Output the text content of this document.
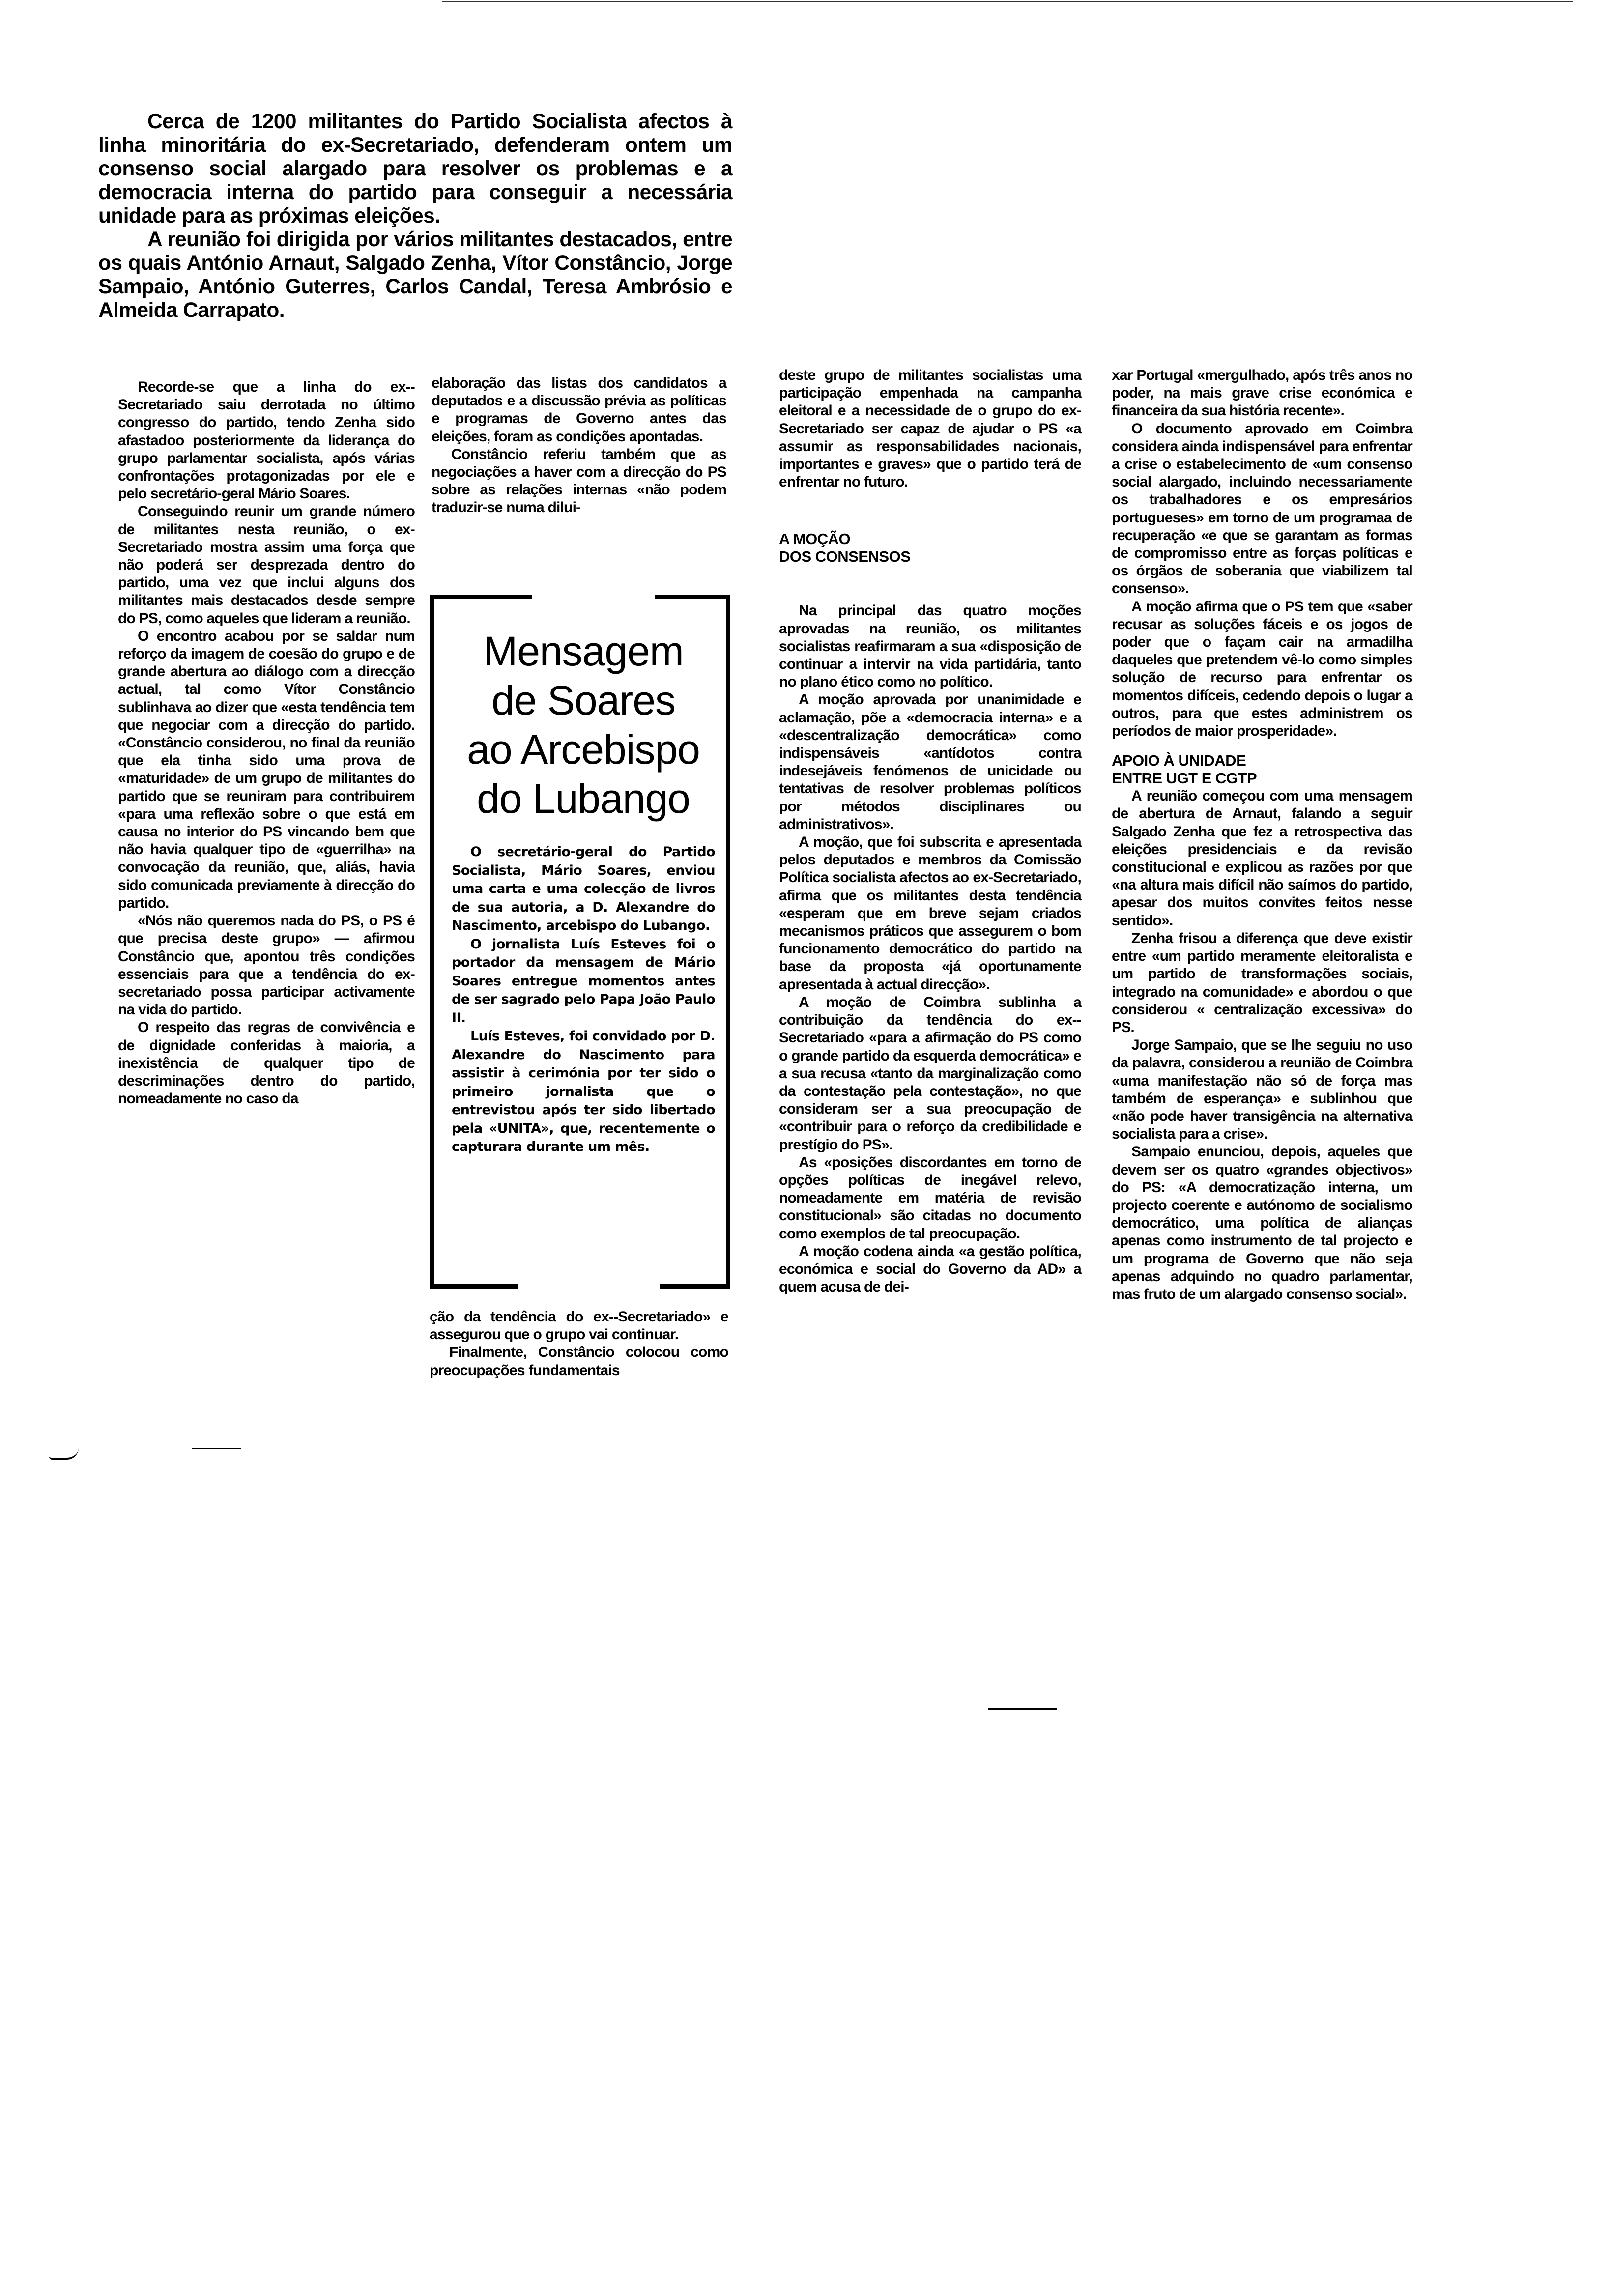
Cerca de 1200 militantes do Partido Socialista afectos à linha minoritária do ex-Secretariado, defenderam ontem um consenso social alargado para resolver os problemas e a democracia interna do partido para conseguir a necessária unidade para as próximas eleições.

A reunião foi dirigida por vários militantes destacados, entre os quais António Arnaut, Salgado Zenha, Vítor Constâncio, Jorge Sampaio, António Guterres, Carlos Candal, Teresa Ambrósio e Almeida Carrapato.

Recorde-se que a linha do ex--Secretariado saiu derrotada no último congresso do partido, tendo Zenha sido afastadoo posteriormente da liderança do grupo parlamentar socialista, após várias confrontações protagonizadas por ele e pelo secretário-geral Mário Soares.

Conseguindo reunir um grande número de militantes nesta reunião, o ex-Secretariado mostra assim uma força que não poderá ser desprezada dentro do partido, uma vez que inclui alguns dos militantes mais destacados desde sempre do PS, como aqueles que lideram a reunião.

O encontro acabou por se saldar num reforço da imagem de coesão do grupo e de grande abertura ao diálogo com a direcção actual, tal como Vítor Constâncio sublinhava ao dizer que «esta tendência tem que negociar com a direcção do partido. «Constâncio considerou, no final da reunião que ela tinha sido uma prova de «maturidade» de um grupo de militantes do partido que se reuniram para contribuirem «para uma reflexão sobre o que está em causa no interior do PS vincando bem que não havia qualquer tipo de «guerrilha» na convocação da reunião, que, aliás, havia sido comunicada previamente à direcção do partido.

«Nós não queremos nada do PS, o PS é que precisa deste grupo» — afirmou Constâncio que, apontou três condições essenciais para que a tendência do ex-secretariado possa participar activamente na vida do partido.

O respeito das regras de convivência e de dignidade conferidas à maioria, a inexistência de qualquer tipo de descriminações dentro do partido, nomeadamente no caso da

elaboração das listas dos candidatos a deputados e a discussão prévia as políticas e programas de Governo antes das eleições, foram as condições apontadas.

Constâncio referiu também que as negociações a haver com a direcção do PS sobre as relações internas «não podem traduzir-se numa dilui-

Mensagem
de Soares
ao Arcebispo
do Lubango

O secretário-geral do Partido Socialista, Mário Soares, enviou uma carta e uma colecção de livros de sua autoria, a D. Alexandre do Nascimento, arcebispo do Lubango.

O jornalista Luís Esteves foi o portador da mensagem de Mário Soares entregue momentos antes de ser sagrado pelo Papa João Paulo II.

Luís Esteves, foi convidado por D. Alexandre do Nascimento para assistir à cerimónia por ter sido o primeiro jornalista que o entrevistou após ter sido libertado pela «UNITA», que, recentemente o capturara durante um mês.

ção da tendência do ex--Secretariado» e assegurou que o grupo vai continuar.

Finalmente, Constâncio colocou como preocupações fundamentais

deste grupo de militantes socialistas uma participação empenhada na campanha eleitoral e a necessidade de o grupo do ex-Secretariado ser capaz de ajudar o PS «a assumir as responsabilidades nacionais, importantes e graves» que o partido terá de enfrentar no futuro.

A MOÇÃO
DOS CONSENSOS

Na principal das quatro moções aprovadas na reunião, os militantes socialistas reafirmaram a sua «disposição de continuar a intervir na vida partidária, tanto no plano ético como no político.

A moção aprovada por unanimidade e aclamação, põe a «democracia interna» e a «descentralização democrática» como indispensáveis «antídotos contra indesejáveis fenómenos de unicidade ou tentativas de resolver problemas políticos por métodos disciplinares ou administrativos».

A moção, que foi subscrita e apresentada pelos deputados e membros da Comissão Política socialista afectos ao ex-Secretariado, afirma que os militantes desta tendência «esperam que em breve sejam criados mecanismos práticos que assegurem o bom funcionamento democrático do partido na base da proposta «já oportunamente apresentada à actual direcção».

A moção de Coimbra sublinha a contribuição da tendência do ex--Secretariado «para a afirmação do PS como o grande partido da esquerda democrática» e a sua recusa «tanto da marginalização como da contestação pela contestação», no que consideram ser a sua preocupação de «contribuir para o reforço da credibilidade e prestígio do PS».

As «posições discordantes em torno de opções políticas de inegável relevo, nomeadamente em matéria de revisão constitucional» são citadas no documento como exemplos de tal preocupação.

A moção codena ainda «a gestão política, económica e social do Governo da AD» a quem acusa de dei-

xar Portugal «mergulhado, após três anos no poder, na mais grave crise económica e financeira da sua história recente».

O documento aprovado em Coimbra considera ainda indispensável para enfrentar a crise o estabelecimento de «um consenso social alargado, incluindo necessariamente os trabalhadores e os empresários portugueses» em torno de um programaa de recuperação «e que se garantam as formas de compromisso entre as forças políticas e os órgãos de soberania que viabilizem tal consenso».

A moção afirma que o PS tem que «saber recusar as soluções fáceis e os jogos de poder que o façam cair na armadilha daqueles que pretendem vê-lo como simples solução de recurso para enfrentar os momentos difíceis, cedendo depois o lugar a outros, para que estes administrem os períodos de maior prosperidade».

APOIO À UNIDADE
ENTRE UGT E CGTP

A reunião começou com uma mensagem de abertura de Arnaut, falando a seguir Salgado Zenha que fez a retrospectiva das eleições presidenciais e da revisão constitucional e explicou as razões por que «na altura mais difícil não saímos do partido, apesar dos muitos convites feitos nesse sentido».

Zenha frisou a diferença que deve existir entre «um partido meramente eleitoralista e um partido de transformações sociais, integrado na comunidade» e abordou o que considerou « centralização excessiva» do PS.

Jorge Sampaio, que se lhe seguiu no uso da palavra, considerou a reunião de Coimbra «uma manifestação não só de força mas também de esperança» e sublinhou que «não pode haver transigência na alternativa socialista para a crise».

Sampaio enunciou, depois, aqueles que devem ser os quatro «grandes objectivos» do PS: «A democratização interna, um projecto coerente e autónomo de socialismo democrático, uma política de alianças apenas como instrumento de tal projecto e um programa de Governo que não seja apenas adquindo no quadro parlamentar, mas fruto de um alargado consenso social».
